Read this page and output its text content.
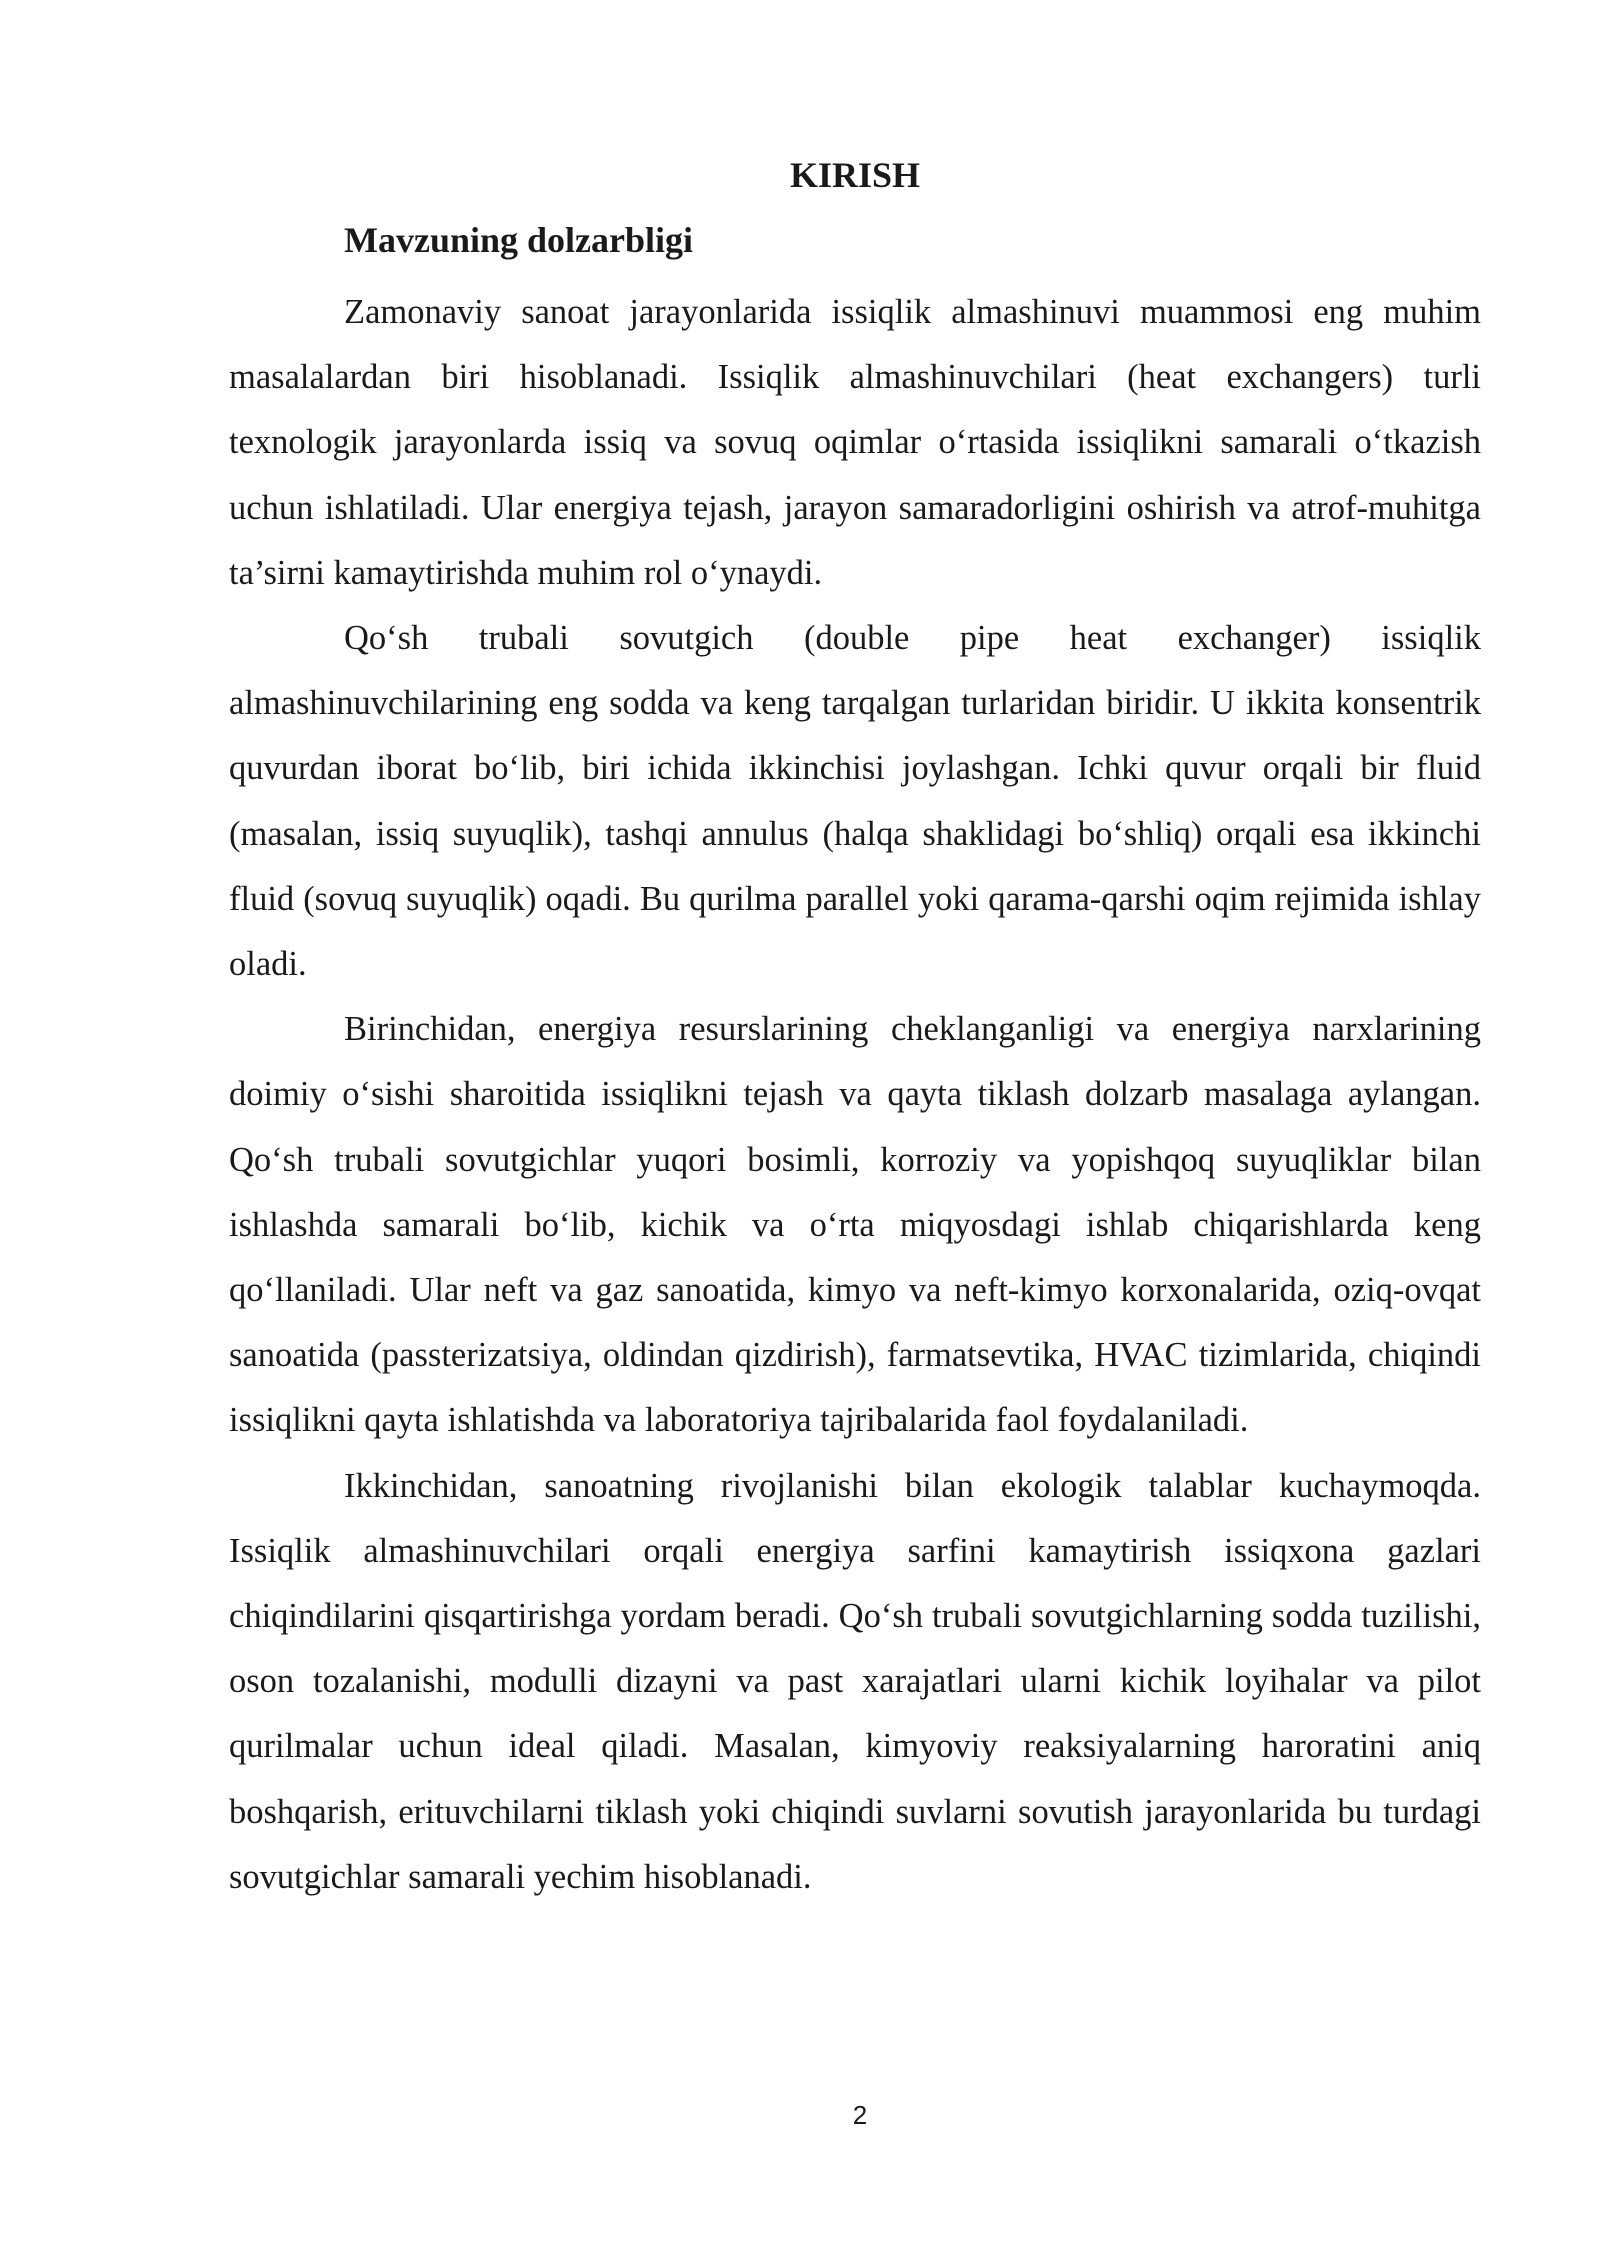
KIRISH
Mavzuning dolzarbligi

Zamonaviy sanoat jarayonlarida issiqlik almashinuvi muammosi eng muhim masalalardan biri hisoblanadi. Issiqlik almashinuvchilari (heat exchangers) turli texnologik jarayonlarda issiq va sovuq oqimlar o‘rtasida issiqlikni samarali o‘tkazish uchun ishlatiladi. Ular energiya tejash, jarayon samaradorligini oshirish va atrof-muhitga ta’sirni kamaytirishda muhim rol o‘ynaydi.

Qo‘sh trubali sovutgich (double pipe heat exchanger) issiqlik almashinuvchilarining eng sodda va keng tarqalgan turlaridan biridir. U ikkita konsentrik quvurdan iborat bo‘lib, biri ichida ikkinchisi joylashgan. Ichki quvur orqali bir fluid (masalan, issiq suyuqlik), tashqi annulus (halqa shaklidagi bo‘shliq) orqali esa ikkinchi fluid (sovuq suyuqlik) oqadi. Bu qurilma parallel yoki qarama-qarshi oqim rejimida ishlay oladi.

Birinchidan, energiya resurslarining cheklanganligi va energiya narxlarining doimiy o‘sishi sharoitida issiqlikni tejash va qayta tiklash dolzarb masalaga aylangan. Qo‘sh trubali sovutgichlar yuqori bosimli, korroziy va yopishqoq suyuqliklar bilan ishlashda samarali bo‘lib, kichik va o‘rta miqyosdagi ishlab chiqarishlarda keng qo‘llaniladi. Ular neft va gaz sanoatida, kimyo va neft-kimyo korxonalarida, oziq-ovqat sanoatida (passterizatsiya, oldindan qizdirish), farmatsevtika, HVAC tizimlarida, chiqindi issiqlikni qayta ishlatishda va laboratoriya tajribalarida faol foydalaniladi.

Ikkinchidan, sanoatning rivojlanishi bilan ekologik talablar kuchaymoqda. Issiqlik almashinuvchilari orqali energiya sarfini kamaytirish issiqxona gazlari chiqindilarini qisqartirishga yordam beradi. Qo‘sh trubali sovutgichlarning sodda tuzilishi, oson tozalanishi, modulli dizayni va past xarajatlari ularni kichik loyihalar va pilot qurilmalar uchun ideal qiladi. Masalan, kimyoviy reaksiyalarning haroratini aniq boshqarish, erituvchilarni tiklash yoki chiqindi suvlarni sovutish jarayonlarida bu turdagi sovutgichlar samarali yechim hisoblanadi.

2
